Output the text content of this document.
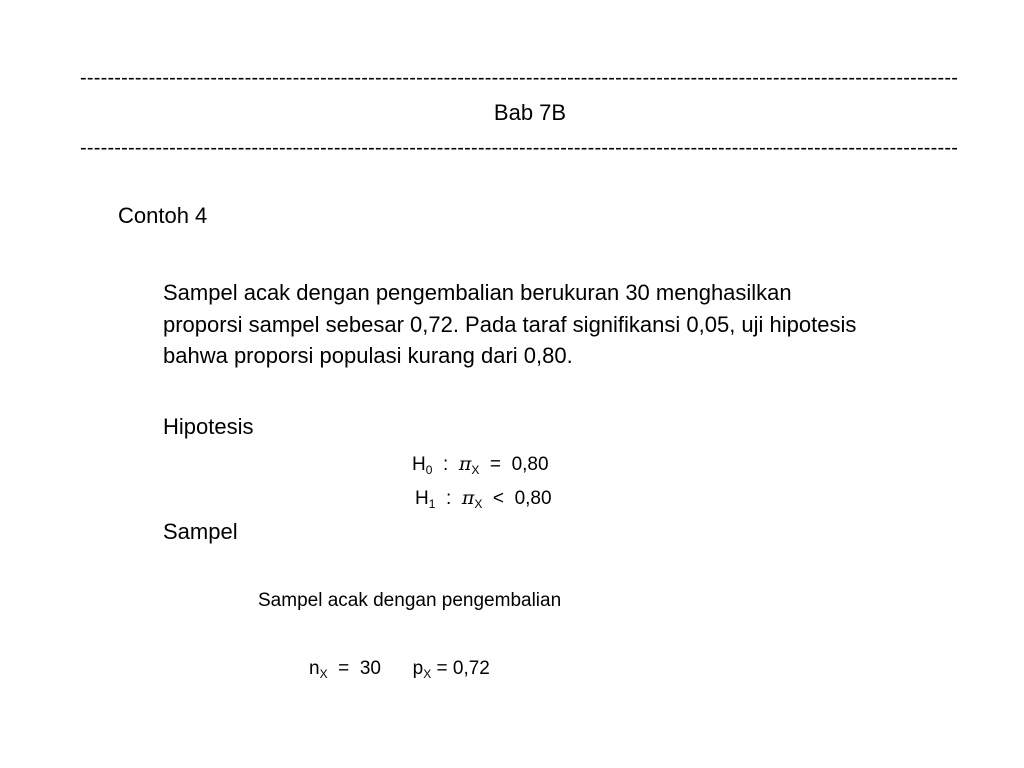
--------------------------------------------------------------------------------------------------------------------------------
Bab 7B
--------------------------------------------------------------------------------------------------------------------------------
Contoh 4
Sampel acak dengan pengembalian berukuran 30 menghasilkan
proporsi sampel sebesar 0,72. Pada taraf signifikansi 0,05, uji hipotesis
bahwa proporsi populasi kurang dari 0,80.
Hipotesis
$H_0$  :  $\pi_X = 0,80$
$H_1$  :  $\pi_X < 0,80$
Sampel
Sampel acak dengan pengembalian
$n_X = 30$ $p_X = 0,72$
